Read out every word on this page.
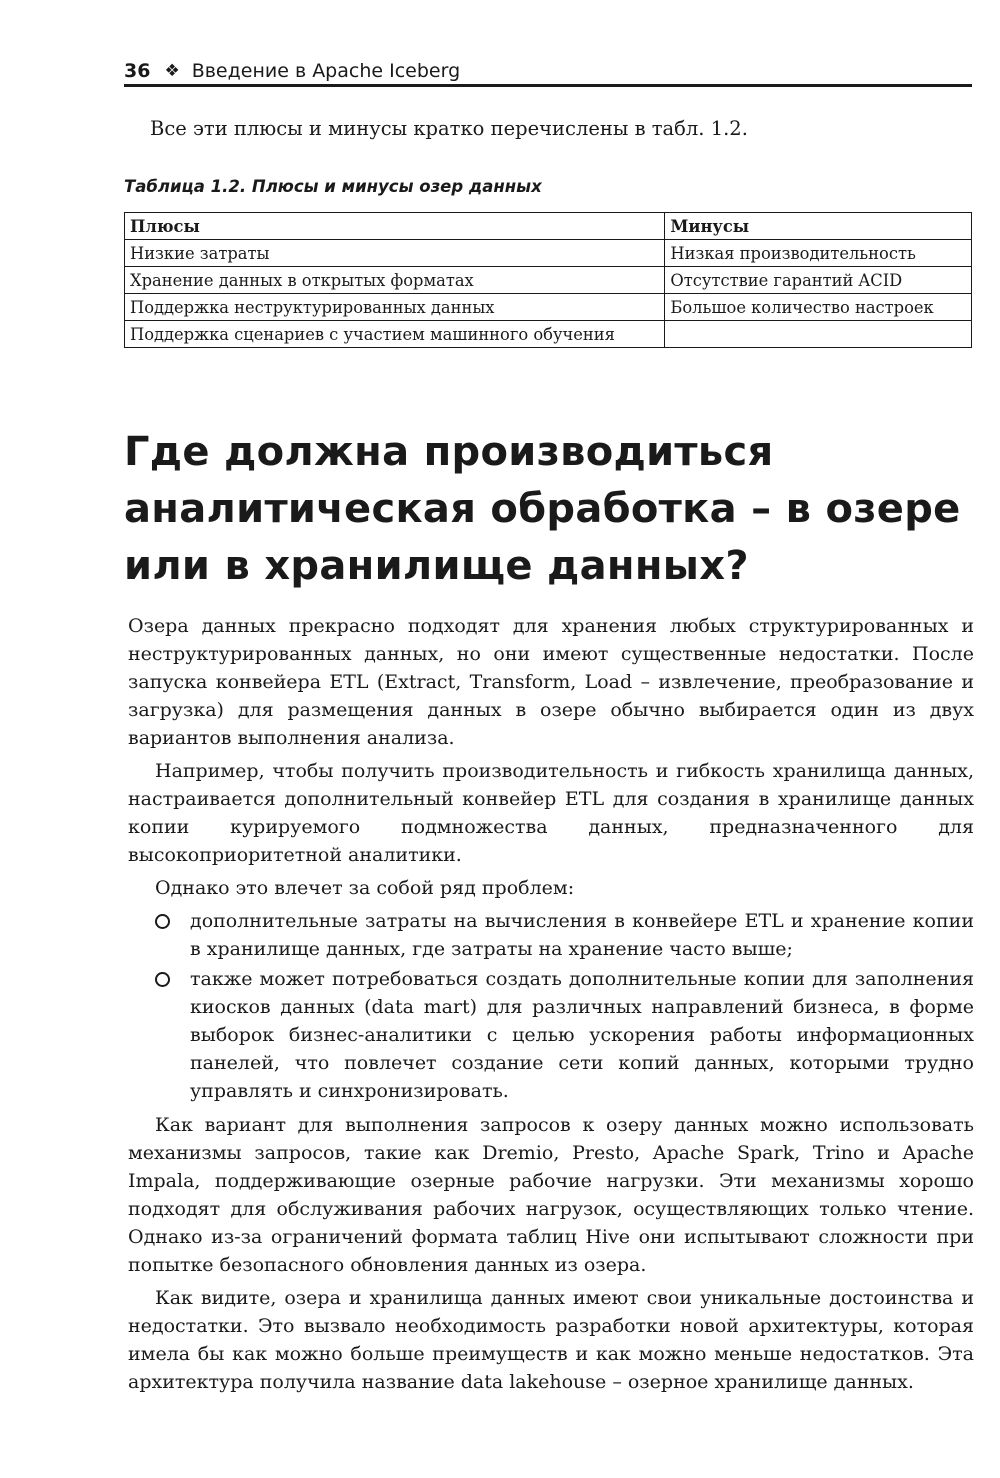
36 ❖ Введение в Apache Iceberg
Все эти плюсы и минусы кратко перечислены в табл. 1.2.
Таблица 1.2. Плюсы и минусы озер данных
Плюсы	Минусы
Низкие затраты	Низкая производительность
Хранение данных в открытых форматах	Отсутствие гарантий ACID
Поддержка неструктурированных данных	Большое количество настроек
Поддержка сценариев с участием машинного обучения	
Где должна производиться
аналитическая обработка – в озере
или в хранилище данных?

Озера данных прекрасно подходят для хранения любых структурированных и неструктурированных данных, но они имеют существенные недостатки. После запуска конвейера ETL (Extract, Transform, Load – извлечение, преобразование и загрузка) для размещения данных в озере обычно выбирается один из двух вариантов выполнения анализа.

Например, чтобы получить производительность и гибкость хранилища данных, настраивается дополнительный конвейер ETL для создания в хранилище данных копии курируемого подмножества данных, предназначенного для высокоприоритетной аналитики.

Однако это влечет за собой ряд проблем:

дополнительные затраты на вычисления в конвейере ETL и хранение копии в хранилище данных, где затраты на хранение часто выше;
также может потребоваться создать дополнительные копии для заполнения киосков данных (data mart) для различных направлений бизнеса, в форме выборок бизнес-аналитики с целью ускорения работы информационных панелей, что повлечет создание сети копий данных, которыми трудно управлять и синхронизировать.

Как вариант для выполнения запросов к озеру данных можно использовать механизмы запросов, такие как Dremio, Presto, Apache Spark, Trino и Apache Impala, поддерживающие озерные рабочие нагрузки. Эти механизмы хорошо подходят для обслуживания рабочих нагрузок, осуществляющих только чтение. Однако из-за ограничений формата таблиц Hive они испытывают сложности при попытке безопасного обновления данных из озера.

Как видите, озера и хранилища данных имеют свои уникальные достоинства и недостатки. Это вызвало необходимость разработки новой архитектуры, которая имела бы как можно больше преимуществ и как можно меньше недостатков. Эта архитектура получила название data lakehouse – озерное хранилище данных.
